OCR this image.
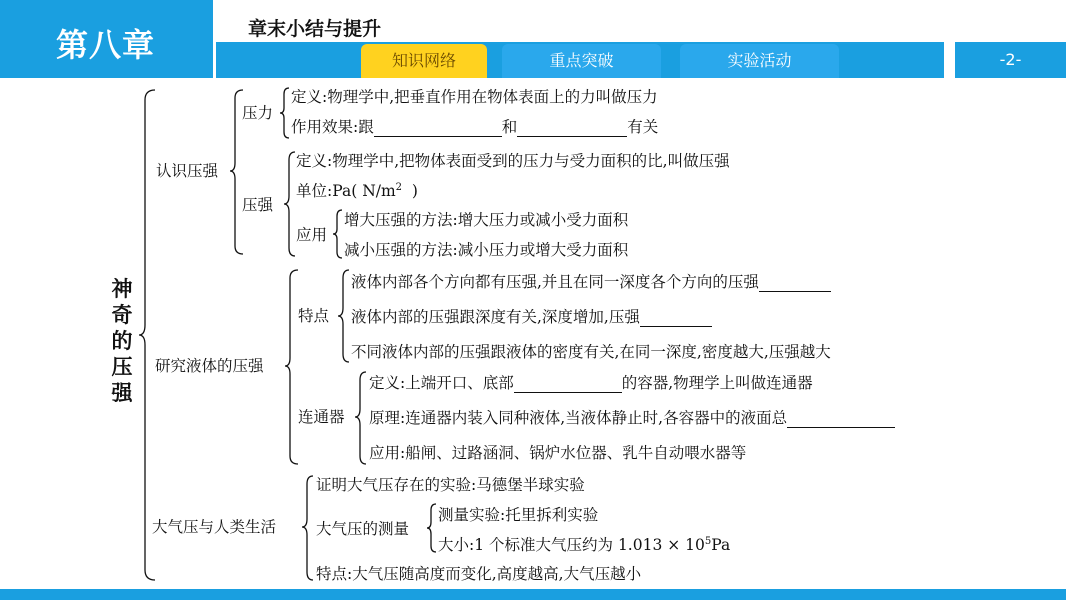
第八章	章末小结与提升
知识网络	重点突破	实验活动	-2-
神
奇
的
压
强
认识压强
压力
定义:物理学中,把垂直作用在物体表面上的力叫做压力
作用效果:跟	和	有关
压强
定义:物理学中,把物体表面受到的压力与受力面积的比,叫做压强
单位:Pa( $N/m^2$ )
应用
增大压强的方法:增大压力或减小受力面积
减小压强的方法:减小压力或增大受力面积
研究液体的压强
特点
液体内部各个方向都有压强,并且在同一深度各个方向的压强
液体内部的压强跟深度有关,深度增加,压强
不同液体内部的压强跟液体的密度有关,在同一深度,密度越大,压强越大
连通器
定义:上端开口、底部	的容器,物理学上叫做连通器
原理:连通器内装入同种液体,当液体静止时,各容器中的液面总
应用:船闸、过路涵洞、锅炉水位器、乳牛自动喂水器等
大气压与人类生活
证明大气压存在的实验:马德堡半球实验
大气压的测量
测量实验:托里拆利实验
大小:1 个标准大气压约为 $1.013 \times 10^5Pa$
特点:大气压随高度而变化,高度越高,大气压越小
